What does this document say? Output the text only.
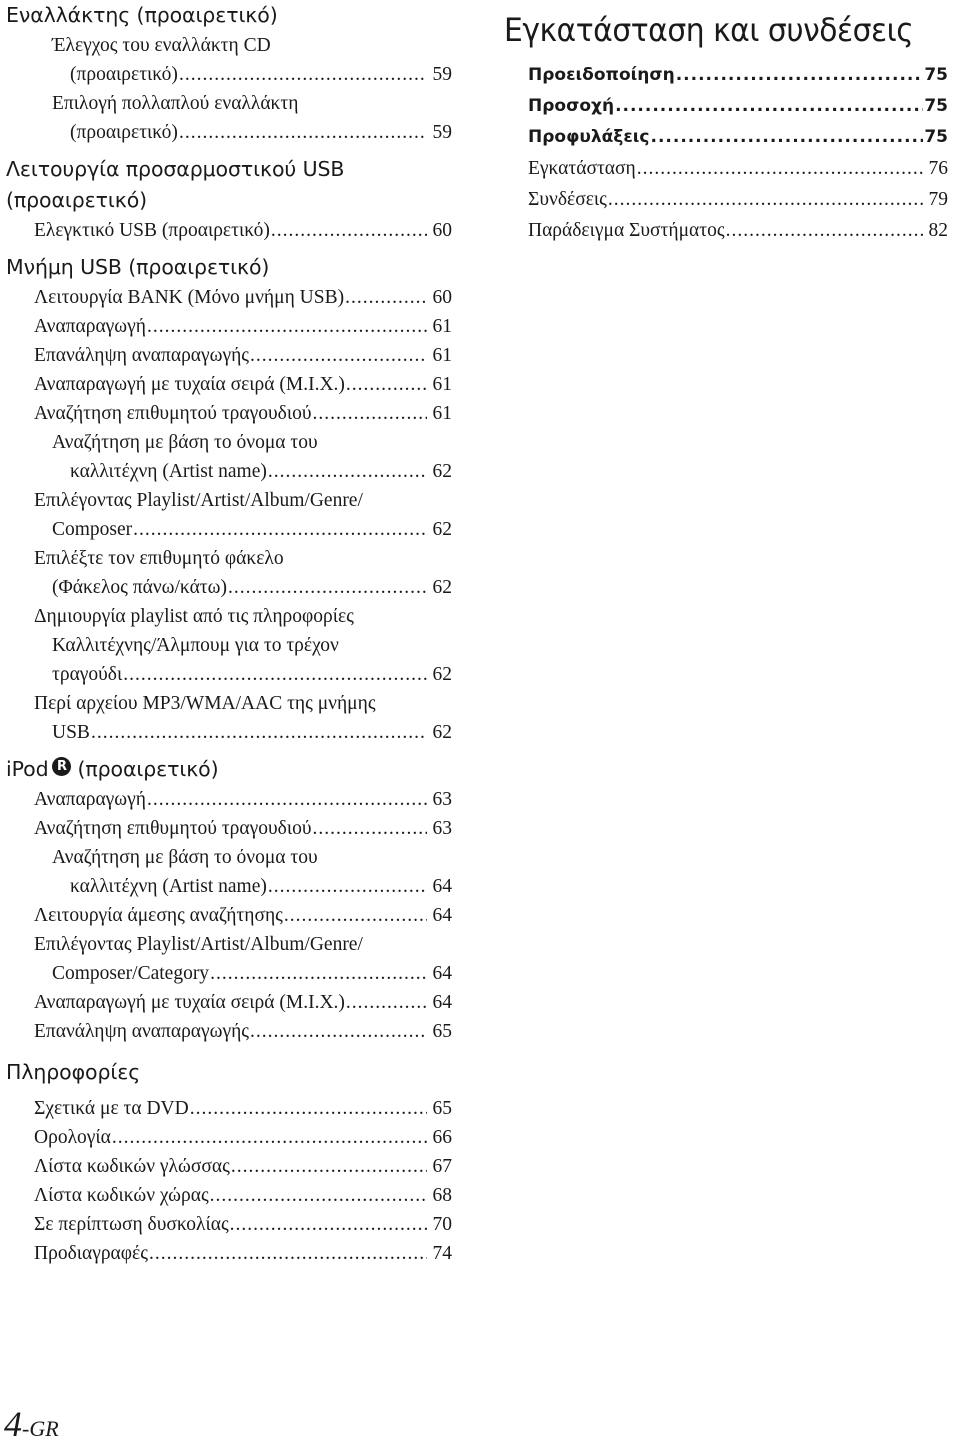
Εναλλάκτης (προαιρετικό)
Έλεγχος του εναλλάκτη CD
(προαιρετικό) .....	59
Επιλογή πολλαπλού εναλλάκτη
(προαιρετικό) .....	59
Λειτουργία προσαρμοστικού USB
(προαιρετικό)
Ελεγκτικό USB (προαιρετικό) .....	60
Μνήμη USB (προαιρετικό)
Λειτουργία BANK (Μόνο μνήμη USB) .....	60
Αναπαραγωγή .....	61
Επανάληψη αναπαραγωγής .....	61
Αναπαραγωγή με τυχαία σειρά (M.I.X.) .....	61
Αναζήτηση επιθυμητού τραγουδιού .....	61
Αναζήτηση με βάση το όνομα του
καλλιτέχνη (Artist name) .....	62
Επιλέγοντας Playlist/Artist/Album/Genre/
Composer .....	62
Επιλέξτε τον επιθυμητό φάκελο
(Φάκελος πάνω/κάτω) .....	62
Δημιουργία playlist από τις πληροφορίες
Καλλιτέχνης/Άλμπουμ για το τρέχον
τραγούδι .....	62
Περί αρχείου MP3/WMA/AAC της μνήμης
USB .....	62
iPod R (προαιρετικό)
Αναπαραγωγή .....	63
Αναζήτηση επιθυμητού τραγουδιού .....	63
Αναζήτηση με βάση το όνομα του
καλλιτέχνη (Artist name) .....	64
Λειτουργία άμεσης αναζήτησης .....	64
Επιλέγοντας Playlist/Artist/Album/Genre/
Composer/Category .....	64
Αναπαραγωγή με τυχαία σειρά (M.I.X.) .....	64
Επανάληψη αναπαραγωγής .....	65
Πληροφορίες
Σχετικά με τα DVD .....	65
Ορολογία .....	66
Λίστα κωδικών γλώσσας .....	67
Λίστα κωδικών χώρας .....	68
Σε περίπτωση δυσκολίας .....	70
Προδιαγραφές .....	74
Εγκατάσταση και συνδέσεις
Προειδοποίηση .....	75
Προσοχή .....	75
Προφυλάξεις .....	75
Εγκατάσταση .....	76
Συνδέσεις .....	79
Παράδειγμα Συστήματος .....	82
4-GR
